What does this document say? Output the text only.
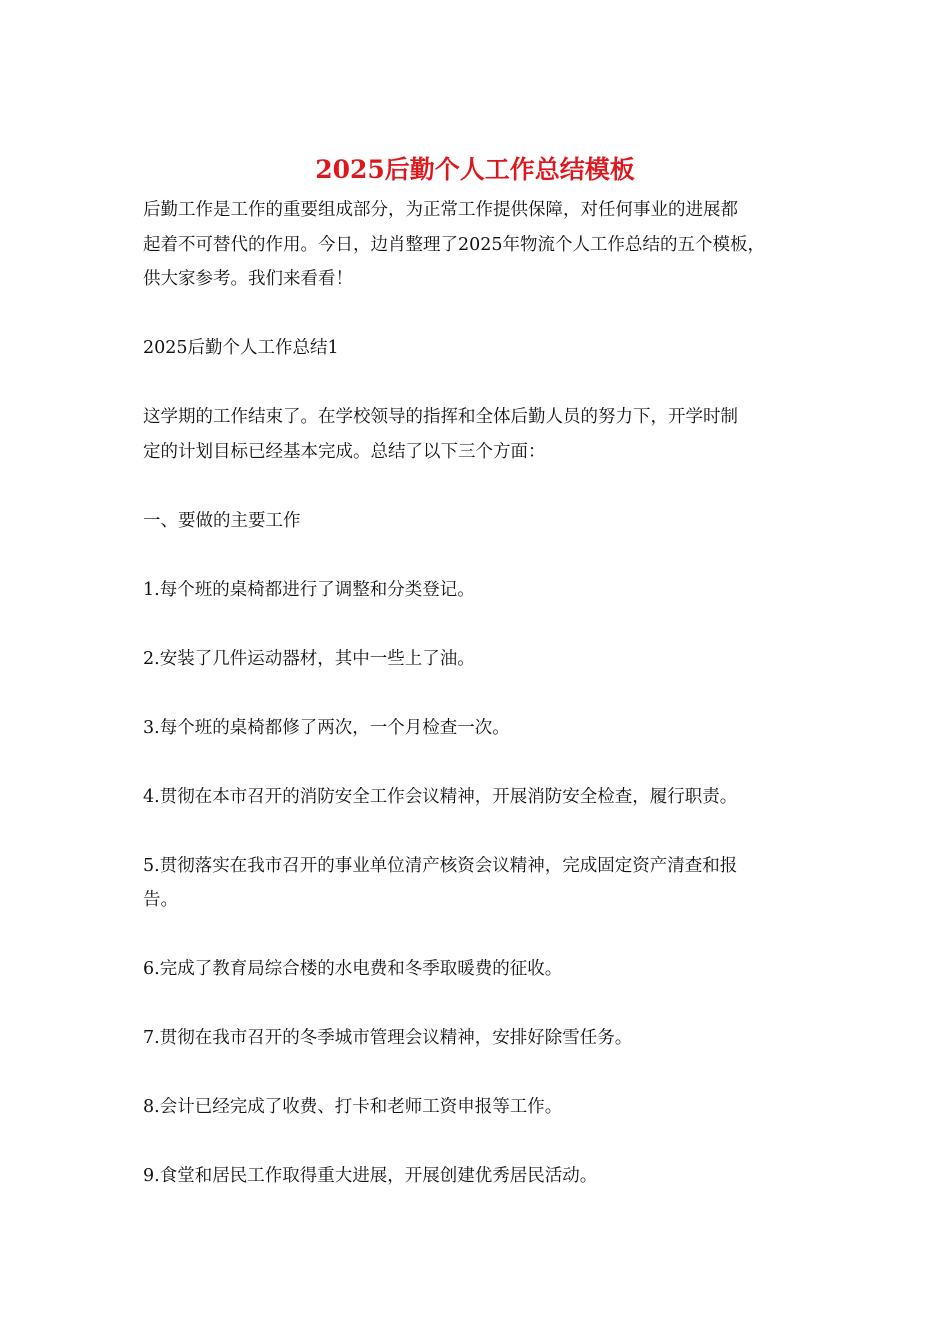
2025后勤个人工作总结模板
后勤工作是工作的重要组成部分，为正常工作提供保障，对任何事业的进展都
起着不可替代的作用。今日，边肖整理了2025年物流个人工作总结的五个模板，
供大家参考。我们来看看！
2025后勤个人工作总结1
这学期的工作结束了。在学校领导的指挥和全体后勤人员的努力下，开学时制
定的计划目标已经基本完成。总结了以下三个方面：
一、要做的主要工作
1.每个班的桌椅都进行了调整和分类登记。
2.安装了几件运动器材，其中一些上了油。
3.每个班的桌椅都修了两次，一个月检查一次。
4.贯彻在本市召开的消防安全工作会议精神，开展消防安全检查，履行职责。
5.贯彻落实在我市召开的事业单位清产核资会议精神，完成固定资产清查和报
告。
6.完成了教育局综合楼的水电费和冬季取暖费的征收。
7.贯彻在我市召开的冬季城市管理会议精神，安排好除雪任务。
8.会计已经完成了收费、打卡和老师工资申报等工作。
9.食堂和居民工作取得重大进展，开展创建优秀居民活动。
